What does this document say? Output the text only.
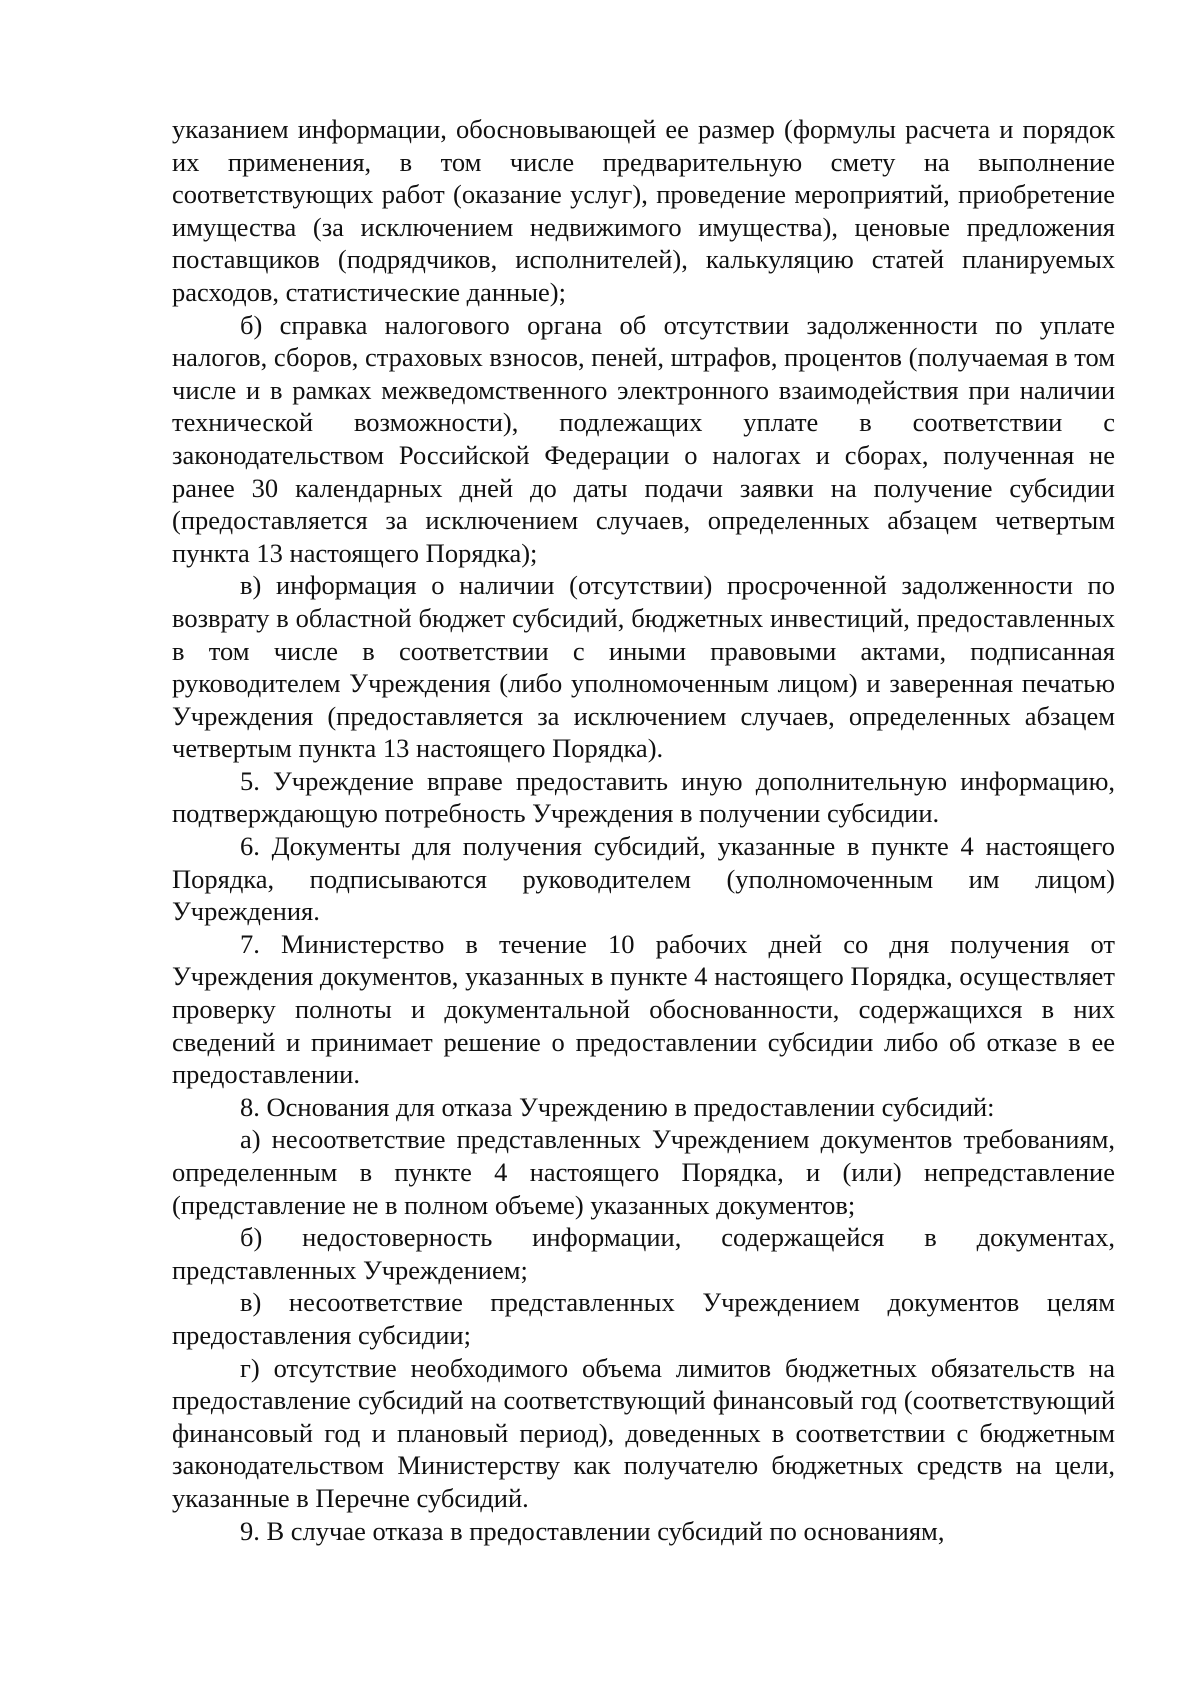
указанием информации, обосновывающей ее размер (формулы расчета и порядок их применения, в том числе предварительную смету на выполнение соответствующих работ (оказание услуг), проведение мероприятий, приобретение имущества (за исключением недвижимого имущества), ценовые предложения поставщиков (подрядчиков, исполнителей), калькуляцию статей планируемых расходов, статистические данные);

б) справка налогового органа об отсутствии задолженности по уплате налогов, сборов, страховых взносов, пеней, штрафов, процентов (получаемая в том числе и в рамках межведомственного электронного взаимодействия при наличии технической возможности), подлежащих уплате в соответствии с законодательством Российской Федерации о налогах и сборах, полученная не ранее 30 календарных дней до даты подачи заявки на получение субсидии (предоставляется за исключением случаев, определенных абзацем четвертым пункта 13 настоящего Порядка);

в) информация о наличии (отсутствии) просроченной задолженности по возврату в областной бюджет субсидий, бюджетных инвестиций, предоставленных в том числе в соответствии с иными правовыми актами, подписанная руководителем Учреждения (либо уполномоченным лицом) и заверенная печатью Учреждения (предоставляется за исключением случаев, определенных абзацем четвертым пункта 13 настоящего Порядка).

5. Учреждение вправе предоставить иную дополнительную информацию, подтверждающую потребность Учреждения в получении субсидии.

6. Документы для получения субсидий, указанные в пункте 4 настоящего Порядка, подписываются руководителем (уполномоченным им лицом) Учреждения.

7. Министерство в течение 10 рабочих дней со дня получения от Учреждения документов, указанных в пункте 4 настоящего Порядка, осуществляет проверку полноты и документальной обоснованности, содержащихся в них сведений и принимает решение о предоставлении субсидии либо об отказе в ее предоставлении.

8. Основания для отказа Учреждению в предоставлении субсидий:

а) несоответствие представленных Учреждением документов требованиям, определенным в пункте 4 настоящего Порядка, и (или) непредставление (представление не в полном объеме) указанных документов;

б) недостоверность информации, содержащейся в документах, представленных Учреждением;

в) несоответствие представленных Учреждением документов целям предоставления субсидии;

г) отсутствие необходимого объема лимитов бюджетных обязательств на предоставление субсидий на соответствующий финансовый год (соответствующий финансовый год и плановый период), доведенных в соответствии с бюджетным законодательством Министерству как получателю бюджетных средств на цели, указанные в Перечне субсидий.

9. В случае отказа в предоставлении субсидий по основаниям,
